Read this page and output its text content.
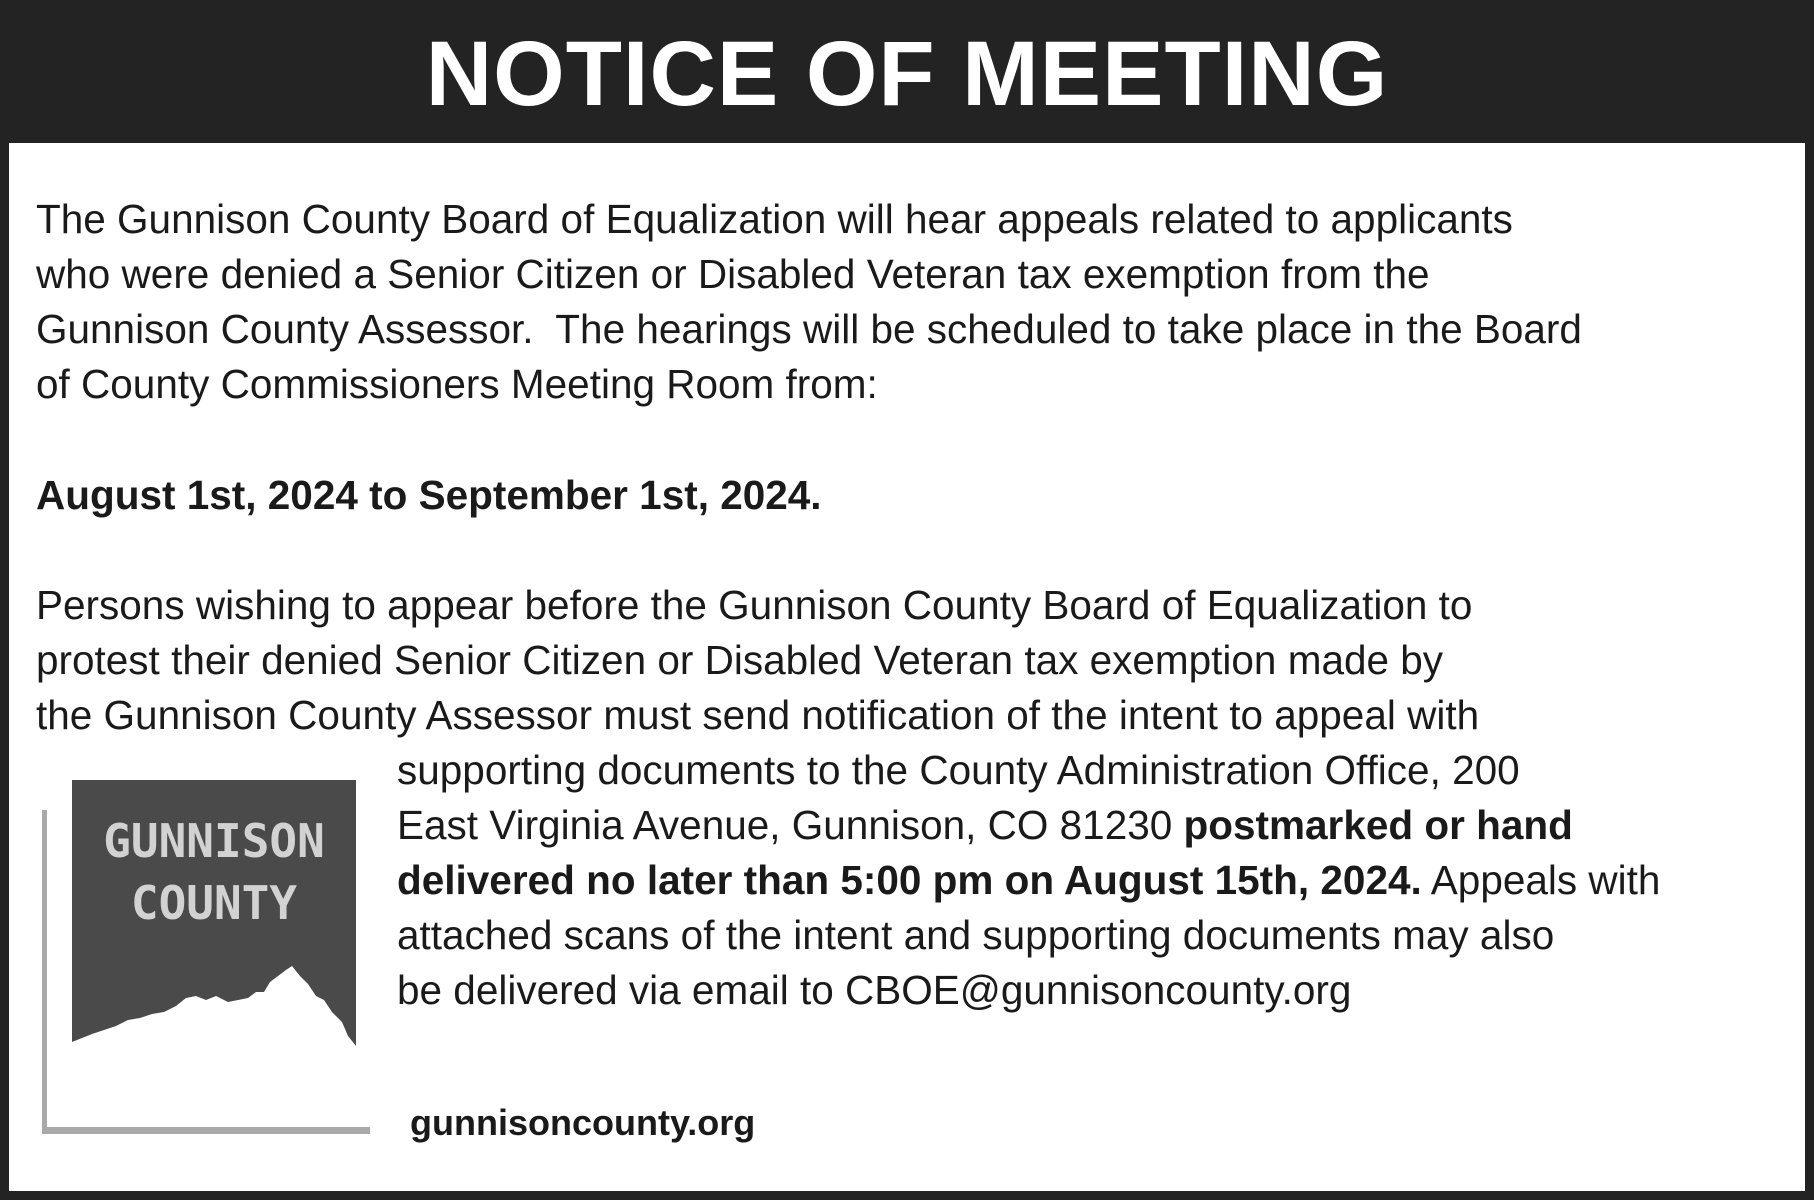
NOTICE OF MEETING
The Gunnison County Board of Equalization will hear appeals related to applicants
who were denied a Senior Citizen or Disabled Veteran tax exemption from the
Gunnison County Assessor.  The hearings will be scheduled to take place in the Board
of County Commissioners Meeting Room from:
August 1st, 2024 to September 1st, 2024.
Persons wishing to appear before the Gunnison County Board of Equalization to
protest their denied Senior Citizen or Disabled Veteran tax exemption made by
the Gunnison County Assessor must send notification of the intent to appeal with
supporting documents to the County Administration Office, 200
East Virginia Avenue, Gunnison, CO 81230 postmarked or hand
delivered no later than 5:00 pm on August 15th, 2024. Appeals with
attached scans of the intent and supporting documents may also
be delivered via email to CBOE@gunnisoncounty.org
GUNNISON
COUNTY
gunnisoncounty.org
